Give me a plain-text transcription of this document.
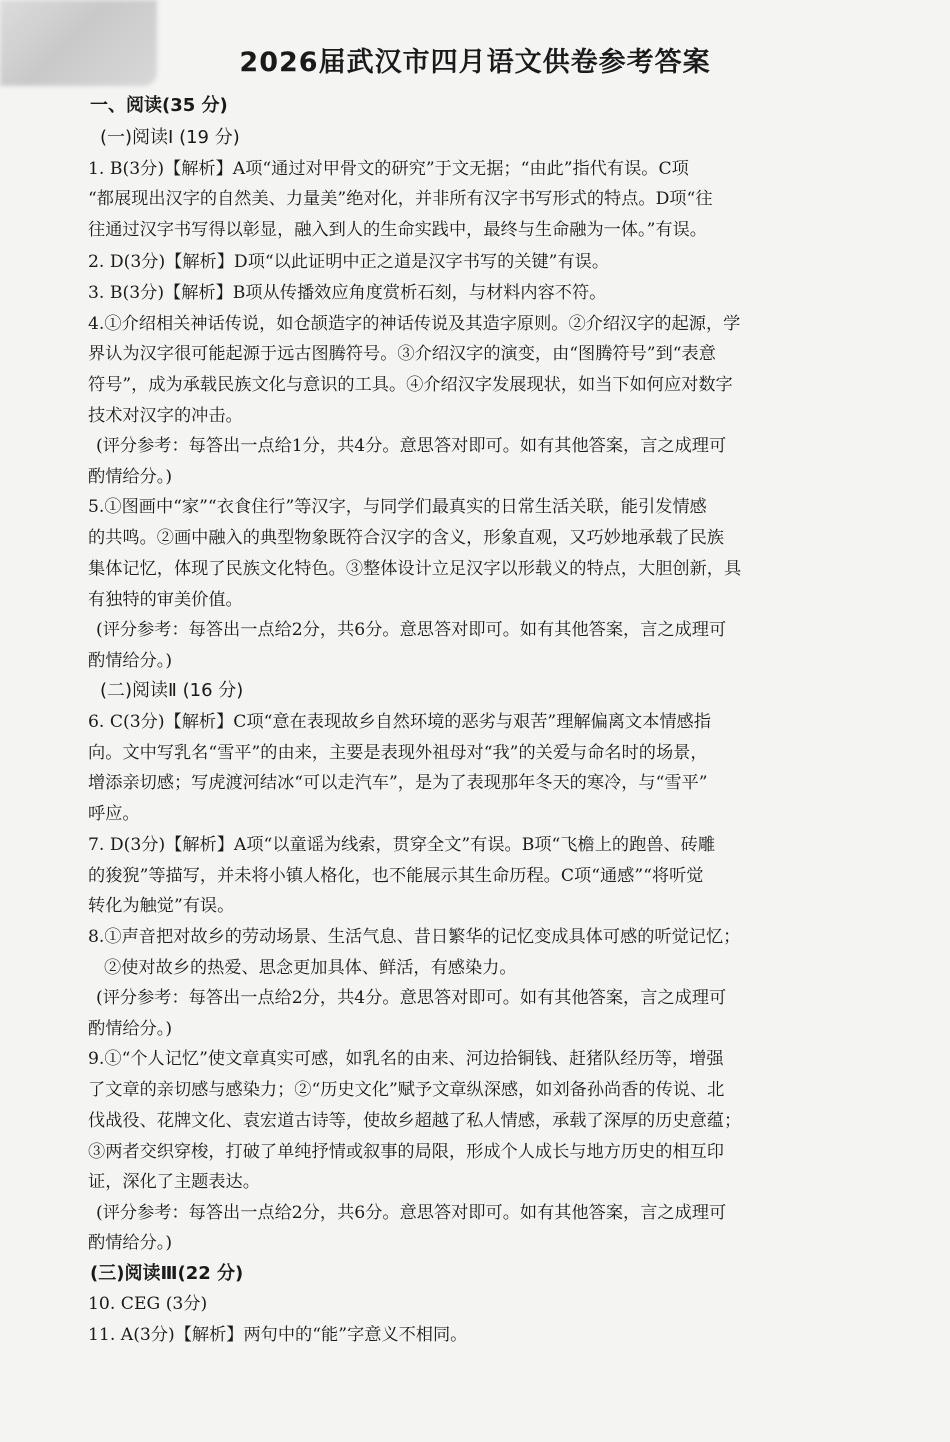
2026届武汉市四月语文供卷参考答案
一、阅读(35 分)
(一)阅读Ⅰ (19 分)
1. B(3分)【解析】A项“通过对甲骨文的研究”于文无据；“由此”指代有误。C项
“都展现出汉字的自然美、力量美”绝对化，并非所有汉字书写形式的特点。D项“往
往通过汉字书写得以彰显，融入到人的生命实践中，最终与生命融为一体。”有误。
2. D(3分)【解析】D项“以此证明中正之道是汉字书写的关键”有误。
3. B(3分)【解析】B项从传播效应角度赏析石刻，与材料内容不符。
4.①介绍相关神话传说，如仓颉造字的神话传说及其造字原则。②介绍汉字的起源，学
界认为汉字很可能起源于远古图腾符号。③介绍汉字的演变，由“图腾符号”到“表意
符号”，成为承载民族文化与意识的工具。④介绍汉字发展现状，如当下如何应对数字
技术对汉字的冲击。
(评分参考：每答出一点给1分，共4分。意思答对即可。如有其他答案，言之成理可
酌情给分。)
5.①图画中“家”“衣食住行”等汉字，与同学们最真实的日常生活关联，能引发情感
的共鸣。②画中融入的典型物象既符合汉字的含义，形象直观，又巧妙地承载了民族
集体记忆，体现了民族文化特色。③整体设计立足汉字以形载义的特点，大胆创新，具
有独特的审美价值。
(评分参考：每答出一点给2分，共6分。意思答对即可。如有其他答案，言之成理可
酌情给分。)
(二)阅读Ⅱ (16 分)
6. C(3分)【解析】C项“意在表现故乡自然环境的恶劣与艰苦”理解偏离文本情感指
向。文中写乳名“雪平”的由来，主要是表现外祖母对“我”的关爱与命名时的场景，
增添亲切感；写虎渡河结冰“可以走汽车”，是为了表现那年冬天的寒冷，与“雪平”
呼应。
7. D(3分)【解析】A项“以童谣为线索，贯穿全文”有误。B项“飞檐上的跑兽、砖雕
的狻猊”等描写，并未将小镇人格化，也不能展示其生命历程。C项“通感”“将听觉
转化为触觉”有误。
8.①声音把对故乡的劳动场景、生活气息、昔日繁华的记忆变成具体可感的听觉记忆；
②使对故乡的热爱、思念更加具体、鲜活，有感染力。
(评分参考：每答出一点给2分，共4分。意思答对即可。如有其他答案，言之成理可
酌情给分。)
9.①“个人记忆”使文章真实可感，如乳名的由来、河边拾铜钱、赶猪队经历等，增强
了文章的亲切感与感染力；②“历史文化”赋予文章纵深感，如刘备孙尚香的传说、北
伐战役、花牌文化、袁宏道古诗等，使故乡超越了私人情感，承载了深厚的历史意蕴；
③两者交织穿梭，打破了单纯抒情或叙事的局限，形成个人成长与地方历史的相互印
证，深化了主题表达。
(评分参考：每答出一点给2分，共6分。意思答对即可。如有其他答案，言之成理可
酌情给分。)
(三)阅读Ⅲ(22 分)
10. CEG (3分)
11. A(3分)【解析】两句中的“能”字意义不相同。
